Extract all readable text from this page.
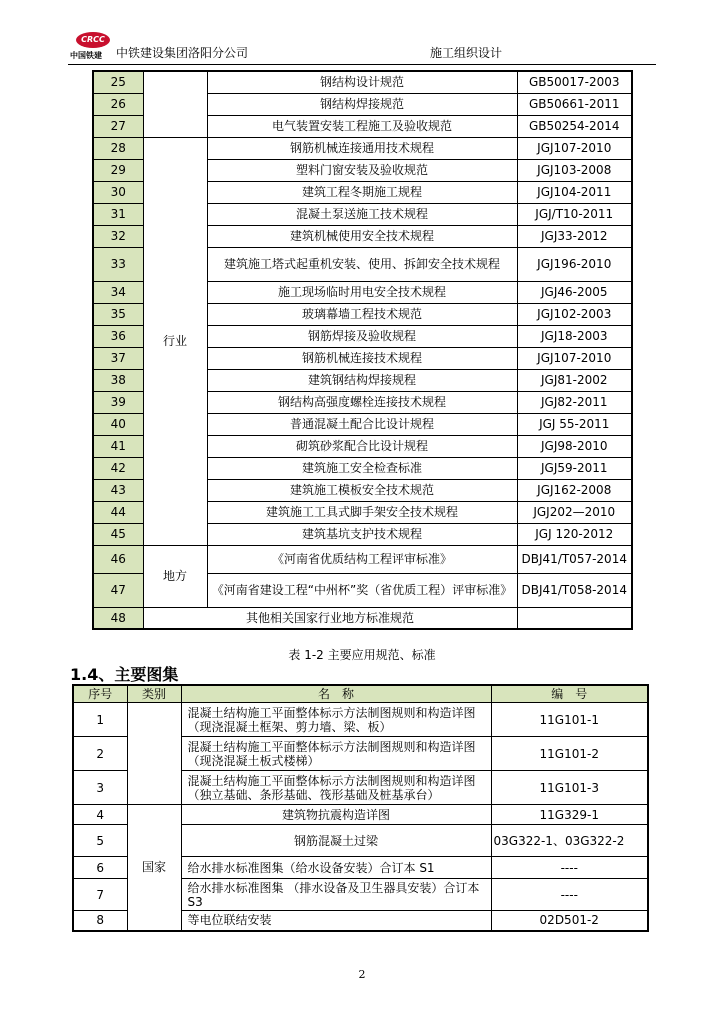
CRCC
中国铁建 中铁建设集团洛阳分公司	施工组织设计
25		钢结构设计规范	GB50017-2003
26		钢结构焊接规范	GB50661-2011
27		电气装置安装工程施工及验收规范	GB50254-2014
28	行业	钢筋机械连接通用技术规程	JGJ107-2010
29		塑料门窗安装及验收规范	JGJ103-2008
30		建筑工程冬期施工规程	JGJ104-2011
31		混凝土泵送施工技术规程	JGJ/T10-2011
32		建筑机械使用安全技术规程	JGJ33-2012
33		建筑施工塔式起重机安装、使用、拆卸安全技术规程	JGJ196-2010
34		施工现场临时用电安全技术规程	JGJ46-2005
35		玻璃幕墙工程技术规范	JGJ102-2003
36		钢筋焊接及验收规程	JGJ18-2003
37		钢筋机械连接技术规程	JGJ107-2010
38		建筑钢结构焊接规程	JGJ81-2002
39		钢结构高强度螺栓连接技术规程	JGJ82-2011
40		普通混凝土配合比设计规程	JGJ 55-2011
41		砌筑砂浆配合比设计规程	JGJ98-2010
42		建筑施工安全检查标准	JGJ59-2011
43		建筑施工模板安全技术规范	JGJ162-2008
44		建筑施工工具式脚手架安全技术规程	JGJ202—2010
45		建筑基坑支护技术规程	JGJ 120-2012
46	地方	《河南省优质结构工程评审标准》	DBJ41/T057-2014
47		《河南省建设工程“中州杯”奖（省优质工程）评审标准》	DBJ41/T058-2014
48	其他相关国家行业地方标准规范		
表 1-2 主要应用规范、标准
1.4、主要图集
序号	类别	名　称	编　号
1		混凝土结构施工平面整体标示方法制图规则和构造详图（现浇混凝土框架、剪力墙、梁、板）	11G101-1
2		混凝土结构施工平面整体标示方法制图规则和构造详图（现浇混凝土板式楼梯）	11G101-2
3		混凝土结构施工平面整体标示方法制图规则和构造详图（独立基础、条形基础、筏形基础及桩基承台）	11G101-3
4	国家	建筑物抗震构造详图	11G329-1
5		钢筋混凝土过梁	03G322-1、03G322-2
6		给水排水标准图集（给水设备安装）合订本 S1	----
7		给水排水标准图集 （排水设备及卫生器具安装）合订本 S3	----
8		等电位联结安装	02D501-2
2
